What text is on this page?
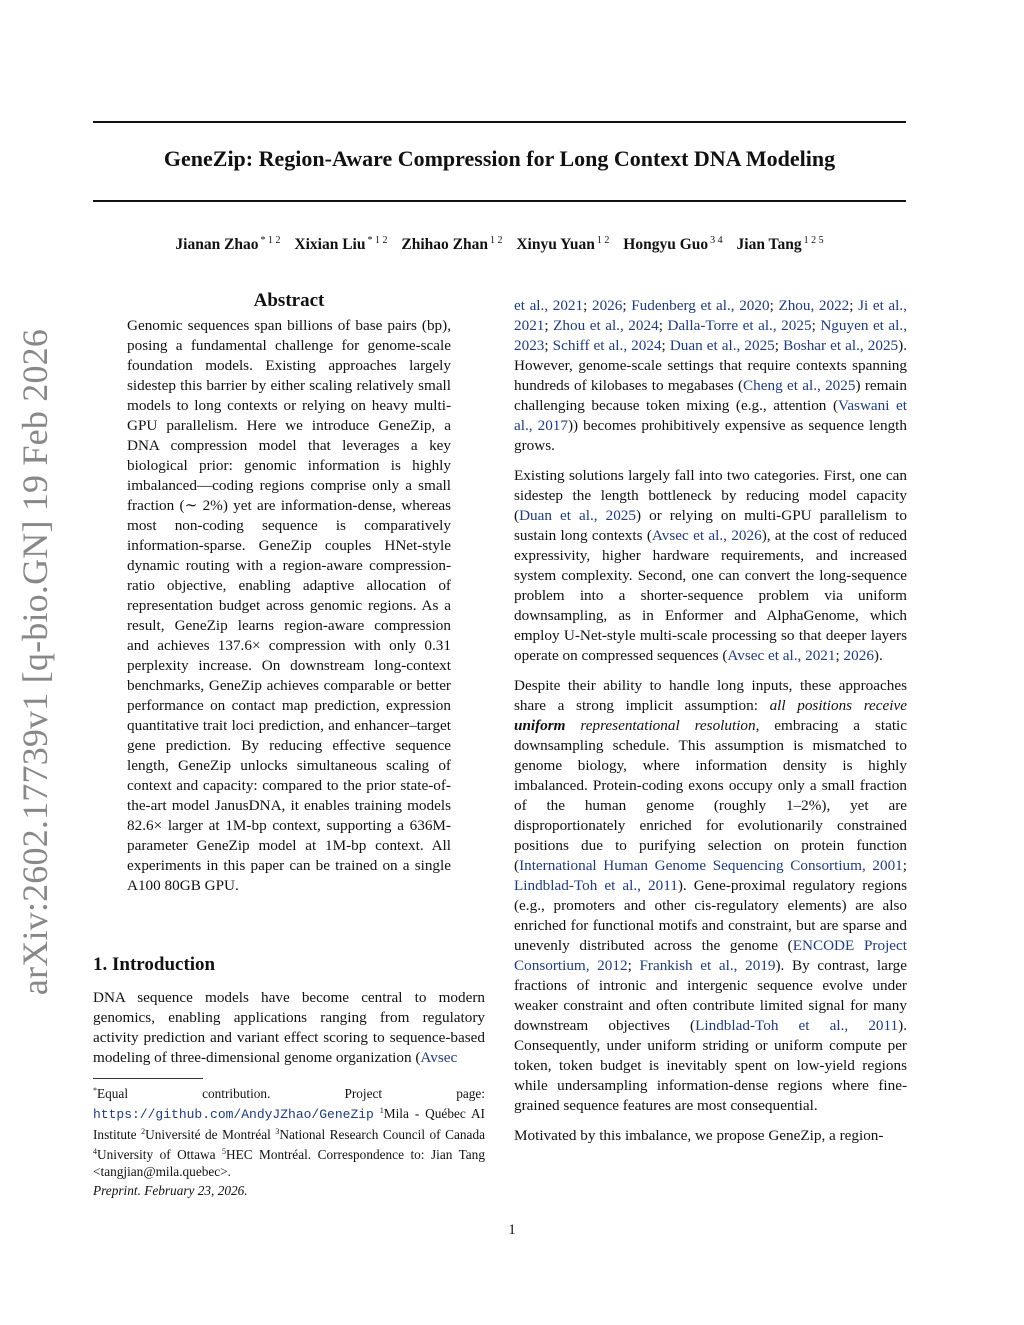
GeneZip: Region-Aware Compression for Long Context DNA Modeling
Jianan Zhao $^{* 1 2}$ Xixian Liu $^{* 1 2}$ Zhihao Zhan $^{1 2}$ Xinyu Yuan $^{1 2}$ Hongyu Guo $^{3 4}$ Jian Tang $^{1 2 5}$
arXiv:2602.17739v1 [q-bio.GN] 19 Feb 2026
Abstract

Genomic sequences span billions of base pairs (bp), posing a fundamental challenge for genome-scale foundation models. Existing approaches largely sidestep this barrier by either scaling relatively small models to long contexts or relying on heavy multi-GPU parallelism. Here we introduce GeneZip, a DNA compression model that leverages a key biological prior: genomic information is highly imbalanced—coding regions comprise only a small fraction (∼ 2%) yet are information-dense, whereas most non-coding sequence is comparatively information-sparse. GeneZip couples HNet-style dynamic routing with a region-aware compression-ratio objective, enabling adaptive allocation of representation budget across genomic regions. As a result, GeneZip learns region-aware compression and achieves 137.6× compression with only 0.31 perplexity increase. On downstream long-context benchmarks, GeneZip achieves comparable or better performance on contact map prediction, expression quantitative trait loci prediction, and enhancer–target gene prediction. By reducing effective sequence length, GeneZip unlocks simultaneous scaling of context and capacity: compared to the prior state-of-the-art model JanusDNA, it enables training models 82.6× larger at 1M-bp context, supporting a 636M-parameter GeneZip model at 1M-bp context. All experiments in this paper can be trained on a single A100 80GB GPU.

1. Introduction

DNA sequence models have become central to modern genomics, enabling applications ranging from regulatory activity prediction and variant effect scoring to sequence-based modeling of three-dimensional genome organization (Avsec

*Equal contribution. Project page: https://github.com/AndyJZhao/GeneZip $^1$Mila - Québec AI Institute $^2$Université de Montréal $^3$National Research Council of Canada $^4$University of Ottawa $^5$HEC Montréal. Correspondence to: Jian Tang <tangjian@mila.quebec>.

Preprint. February 23, 2026.

et al., 2021; 2026; Fudenberg et al., 2020; Zhou, 2022; Ji et al., 2021; Zhou et al., 2024; Dalla-Torre et al., 2025; Nguyen et al., 2023; Schiff et al., 2024; Duan et al., 2025; Boshar et al., 2025). However, genome-scale settings that require contexts spanning hundreds of kilobases to megabases (Cheng et al., 2025) remain challenging because token mixing (e.g., attention (Vaswani et al., 2017)) becomes prohibitively expensive as sequence length grows.

Existing solutions largely fall into two categories. First, one can sidestep the length bottleneck by reducing model capacity (Duan et al., 2025) or relying on multi-GPU parallelism to sustain long contexts (Avsec et al., 2026), at the cost of reduced expressivity, higher hardware requirements, and increased system complexity. Second, one can convert the long-sequence problem into a shorter-sequence problem via uniform downsampling, as in Enformer and AlphaGenome, which employ U-Net-style multi-scale processing so that deeper layers operate on compressed sequences (Avsec et al., 2021; 2026).

Despite their ability to handle long inputs, these approaches share a strong implicit assumption: all positions receive uniform representational resolution, embracing a static downsampling schedule. This assumption is mismatched to genome biology, where information density is highly imbalanced. Protein-coding exons occupy only a small fraction of the human genome (roughly 1–2%), yet are disproportionately enriched for evolutionarily constrained positions due to purifying selection on protein function (International Human Genome Sequencing Consortium, 2001; Lindblad-Toh et al., 2011). Gene-proximal regulatory regions (e.g., promoters and other cis-regulatory elements) are also enriched for functional motifs and constraint, but are sparse and unevenly distributed across the genome (ENCODE Project Consortium, 2012; Frankish et al., 2019). By contrast, large fractions of intronic and intergenic sequence evolve under weaker constraint and often contribute limited signal for many downstream objectives (Lindblad-Toh et al., 2011). Consequently, under uniform striding or uniform compute per token, token budget is inevitably spent on low-yield regions while undersampling information-dense regions where fine-grained sequence features are most consequential.

Motivated by this imbalance, we propose GeneZip, a region-

1
